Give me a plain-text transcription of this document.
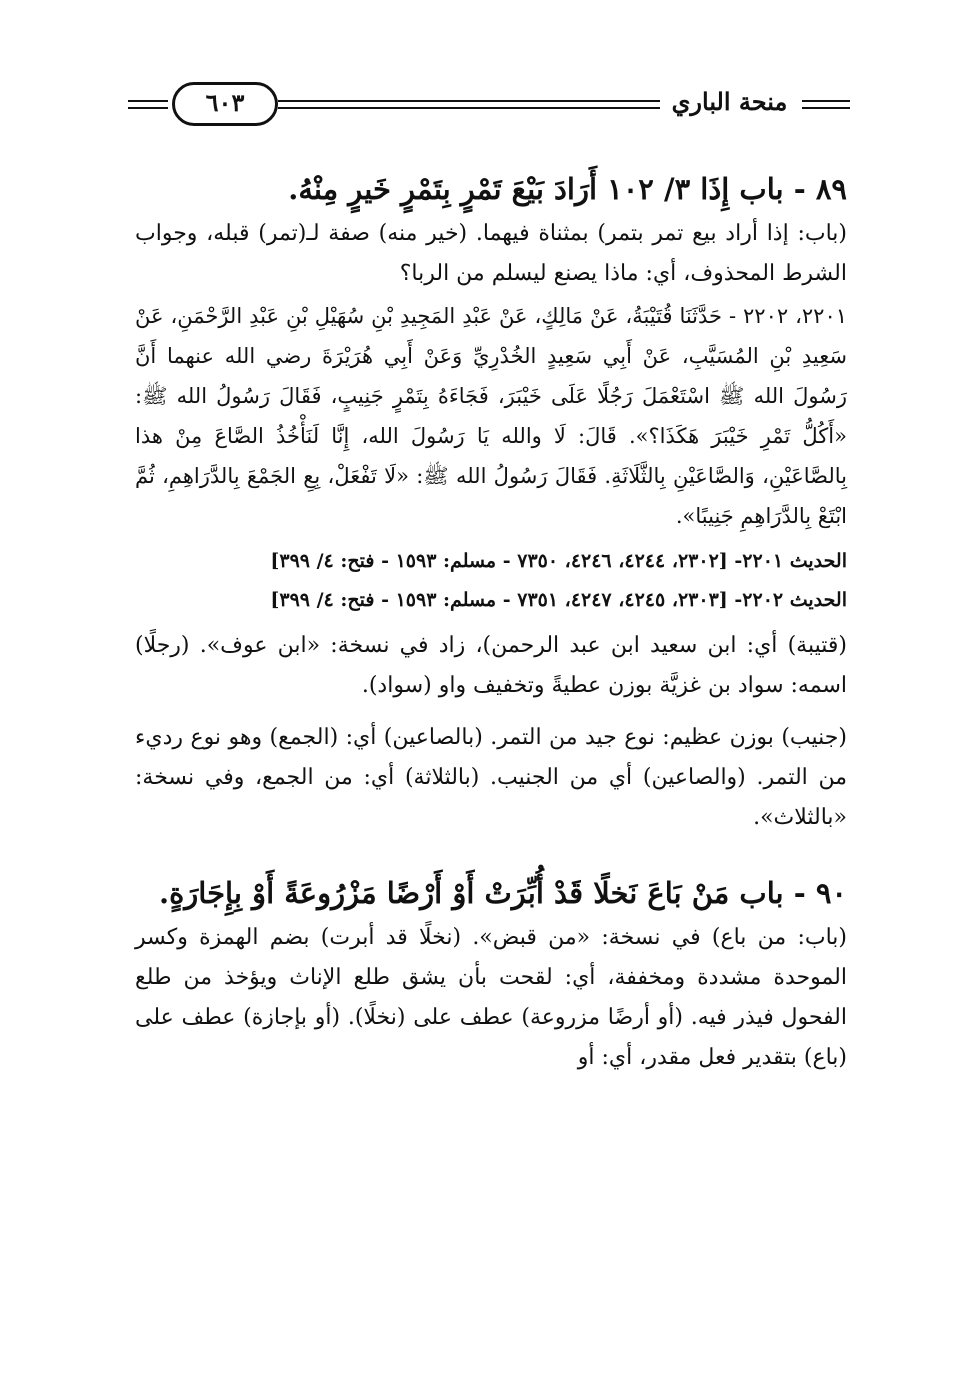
منحة الباري
٦٠٣
٨٩ - باب إِذَا ٣/ ١٠٢ أَرَادَ بَيْعَ تَمْرٍ بِتَمْرٍ خَيرٍ مِنْهُ.

(باب: إذا أراد بيع تمر بتمر) بمثناة فيهما. (خير منه) صفة لـ(تمر) قبله، وجواب الشرط المحذوف، أي: ماذا يصنع ليسلم من الربا؟

٢٢٠١، ٢٢٠٢ - حَدَّثَنَا قُتَيْبَةُ، عَنْ مَالِكٍ، عَنْ عَبْدِ المَجِيدِ بْنِ سُهَيْلِ بْنِ عَبْدِ الرَّحْمَنِ، عَنْ سَعِيدِ بْنِ المُسَيَّبِ، عَنْ أَبِي سَعِيدٍ الخُدْرِيِّ وَعَنْ أَبِي هُرَيْرَةَ رضي الله عنهما أَنَّ رَسُولَ الله ﷺ اسْتَعْمَلَ رَجُلًا عَلَى خَيْبَرَ، فَجَاءَهُ بِتَمْرٍ جَنِيبٍ، فَقَالَ رَسُولُ الله ﷺ: «أَكُلُّ تَمْرِ خَيْبَرَ هَكَذَا؟». قَالَ: لَا والله يَا رَسُولَ الله، إِنَّا لَنَأْخُذُ الصَّاعَ مِنْ هذا بِالصَّاعَيْنِ، وَالصَّاعَيْنِ بِالثَّلَاثَةِ. فَقَالَ رَسُولُ الله ﷺ: «لَا تَفْعَلْ، بِعِ الجَمْعَ بِالدَّرَاهِمِ، ثُمَّ ابْتَعْ بِالدَّرَاهِمِ جَنِيبًا».

الحديث ٢٢٠١- [٢٣٠٢، ٤٢٤٤، ٤٢٤٦، ٧٣٥٠ - مسلم: ١٥٩٣ - فتح: ٤/ ٣٩٩]
الحديث ٢٢٠٢- [٢٣٠٣، ٤٢٤٥، ٤٢٤٧، ٧٣٥١ - مسلم: ١٥٩٣ - فتح: ٤/ ٣٩٩]

(قتيبة) أي: ابن سعيد ابن عبد الرحمن)، زاد في نسخة: «ابن عوف». (رجلًا) اسمه: سواد بن غزيَّة بوزن عطيةً وتخفيف واو (سواد).

(جنيب) بوزن عظيم: نوع جيد من التمر. (بالصاعين) أي: (الجمع) وهو نوع رديء من التمر. (والصاعين) أي من الجنيب. (بالثلاثة) أي: من الجمع، وفي نسخة: «بالثلاث».

٩٠ - باب مَنْ بَاعَ نَخلًا قَدْ أُبِّرَتْ أَوْ أَرْضًا مَزْرُوعَةً أَوْ بِإِجَارَةٍ.

(باب: من باع) في نسخة: «من قبض». (نخلًا قد أبرت) بضم الهمزة وكسر الموحدة مشددة ومخففة، أي: لقحت بأن يشق طلع الإناث ويؤخذ من طلع الفحول فيذر فيه. (أو أرضًا مزروعة) عطف على (نخلًا). (أو بإجازة) عطف على (باع) بتقدير فعل مقدر، أي: أو
